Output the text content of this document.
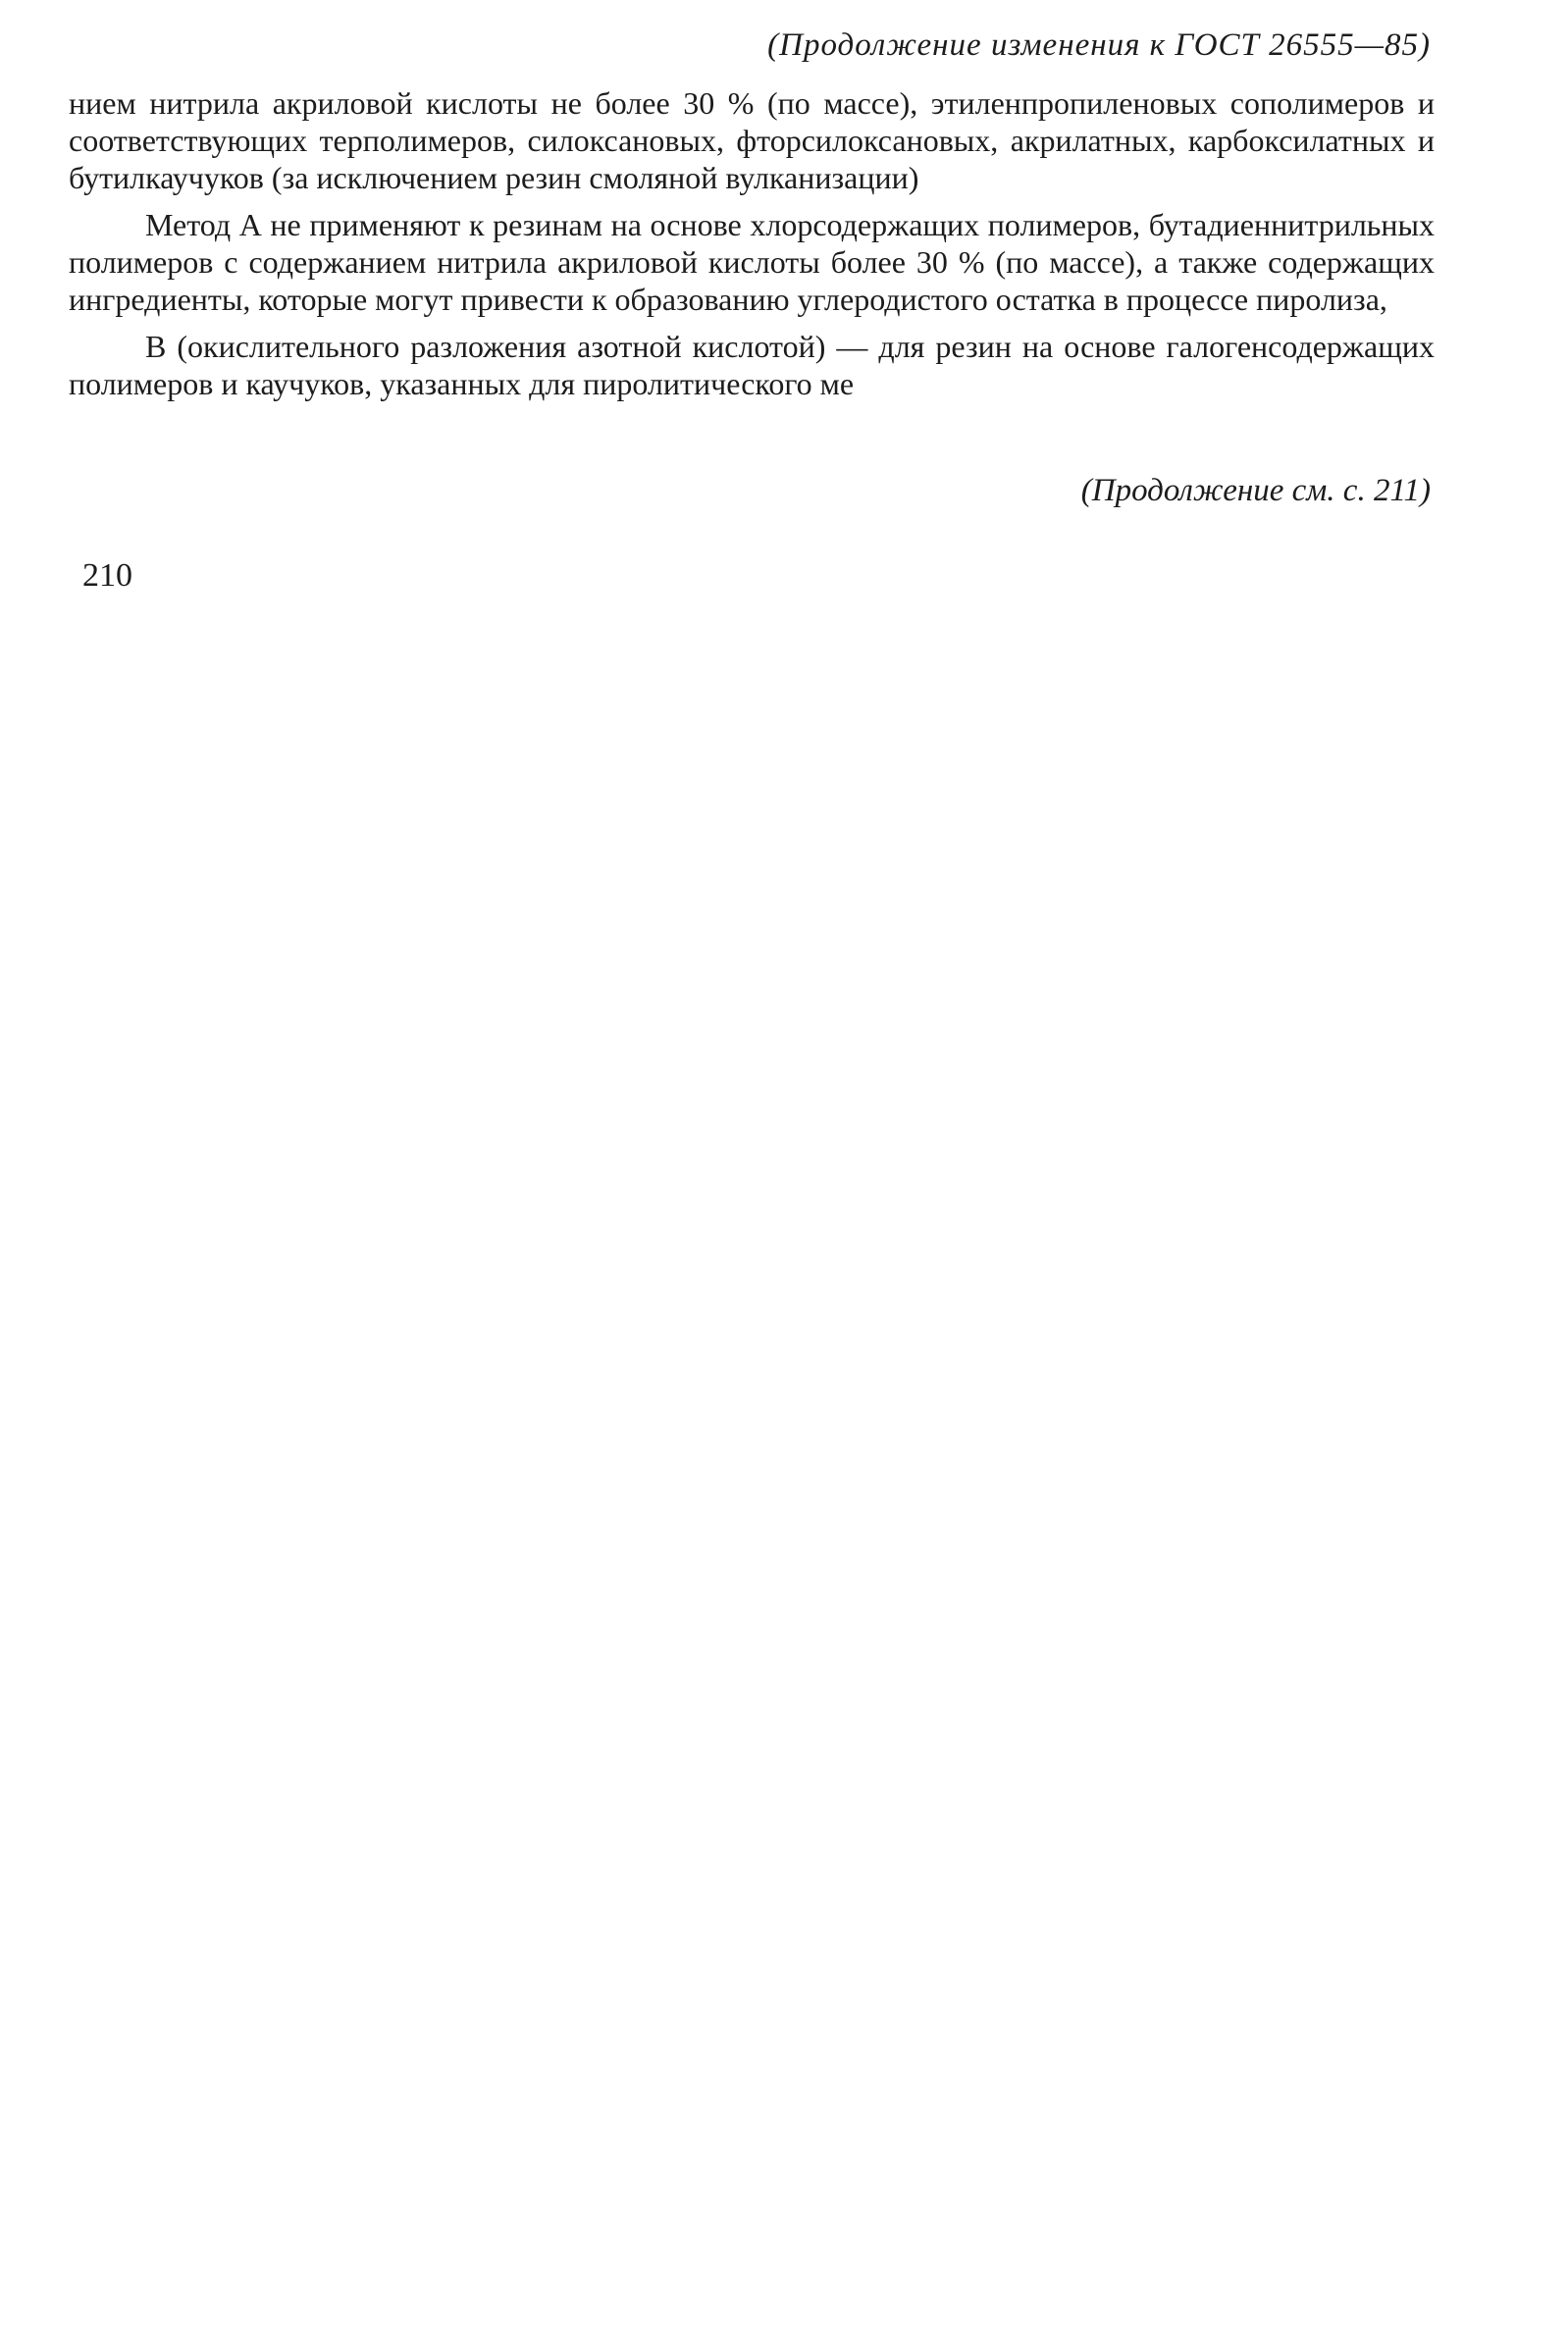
(Продолжение изменения к ГОСТ 26555—85)

нием нитрила акриловой кислоты не более 30 % (по массе), этиленпропиленовых сополимеров и соответствующих терполимеров, силоксановых, фторсилоксановых, акрилатных, карбоксилатных и бутилкаучуков (за исключением резин смоляной вулканизации)

Метод А не применяют к резинам на основе хлорсодержащих полимеров, бутадиеннитрильных полимеров с содержанием нитрила акриловой кислоты более 30 % (по массе), а также содержащих ингредиенты, которые могут привести к образованию углеродистого остатка в процессе пиролиза,

В (окислительного разложения азотной кислотой) — для резин на основе галогенсодержащих полимеров и каучуков, указанных для пиролитического ме

(Продолжение см. с. 211)
210
